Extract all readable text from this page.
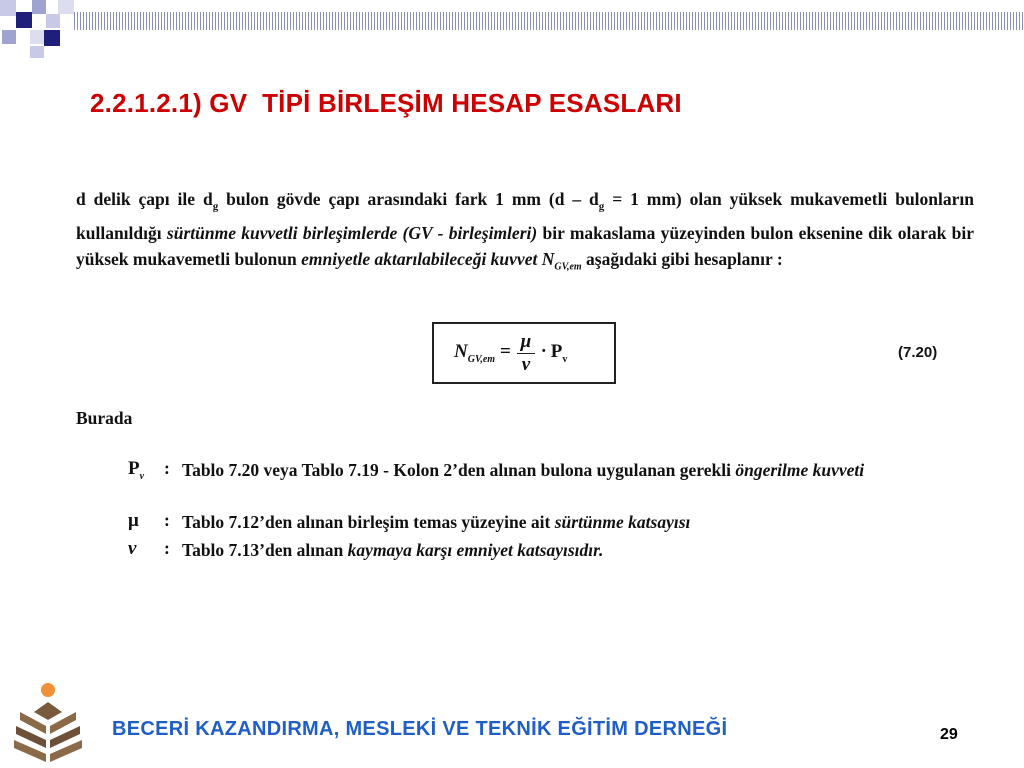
2.2.1.2.1) GV  TİPİ BİRLEŞİM HESAP ESASLARI

d delik çapı ile $d_g$ bulon gövde çapı arasındaki fark 1 mm ($d - d_g = 1$ mm) olan yüksek mukavemetli bulonların kullanıldığı sürtünme kuvvetli birleşimlerde (GV - birleşimleri) bir makaslama yüzeyinden bulon eksenine dik olarak bir yüksek mukavemetli bulonun emniyetle aktarılabileceği kuvvet $N_{GV,em}$ aşağıdaki gibi hesaplanır :

$N_{GV,em} = \frac{\mu}{\nu} \cdot P_v$	(7.20)
Burada
$P_v$	: Tablo 7.20 veya Tablo 7.19 - Kolon 2’den alınan bulona uygulanan gerekli öngerilme kuvveti
μ	: Tablo 7.12’den alınan birleşim temas yüzeyine ait sürtünme katsayısı
ν	: Tablo 7.13’den alınan kaymaya karşı emniyet katsayısıdır.
BECERİ KAZANDIRMA, MESLEKİ VE TEKNİK EĞİTİM DERNEĞİ	29
